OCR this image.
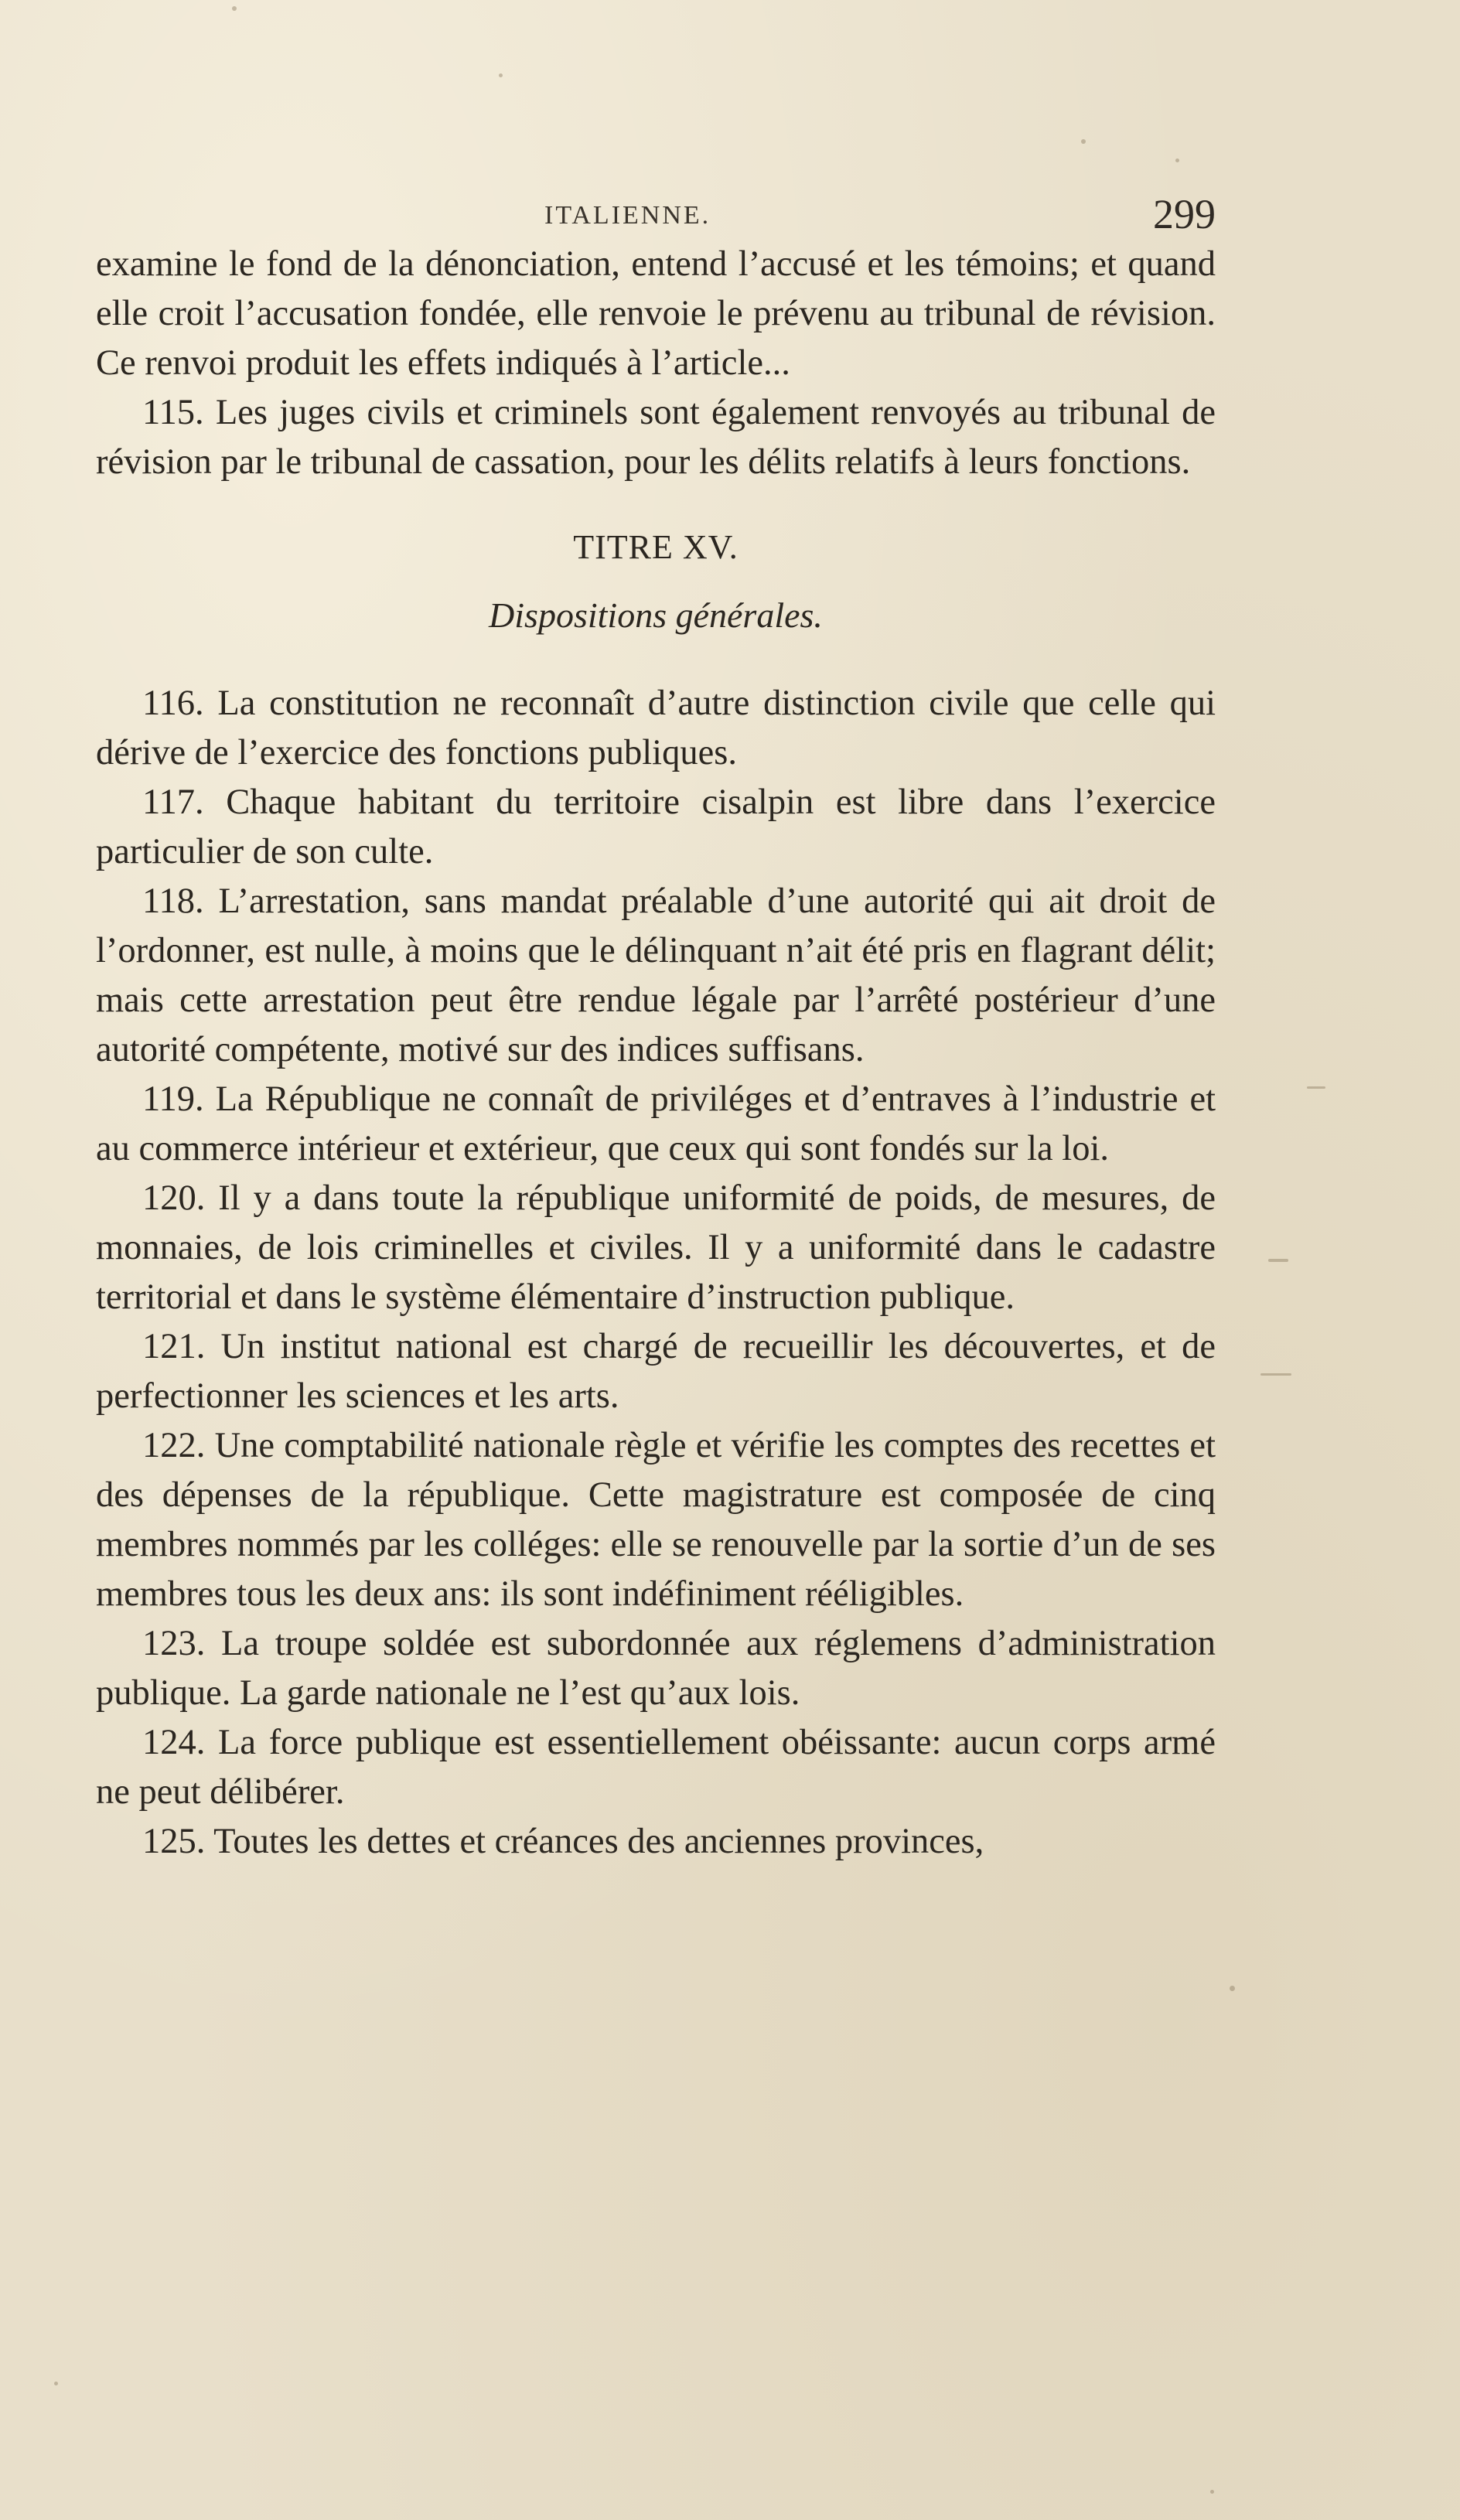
ITALIENNE.	299

examine le fond de la dénonciation, entend l’accusé et les témoins; et quand elle croit l’accusation fondée, elle renvoie le prévenu au tribunal de révision. Ce renvoi produit les effets indiqués à l’article...

115. Les juges civils et criminels sont également renvoyés au tribunal de révision par le tribunal de cassation, pour les délits relatifs à leurs fonctions.

TITRE XV.

Dispositions générales.

116. La constitution ne reconnaît d’autre distinction civile que celle qui dérive de l’exercice des fonctions publiques.

117. Chaque habitant du territoire cisalpin est libre dans l’exercice particulier de son culte.

118. L’arrestation, sans mandat préalable d’une autorité qui ait droit de l’ordonner, est nulle, à moins que le délinquant n’ait été pris en flagrant délit; mais cette arrestation peut être rendue légale par l’arrêté postérieur d’une autorité compétente, motivé sur des indices suffisans.

119. La République ne connaît de priviléges et d’entraves à l’industrie et au commerce intérieur et extérieur, que ceux qui sont fondés sur la loi.

120. Il y a dans toute la république uniformité de poids, de mesures, de monnaies, de lois criminelles et civiles. Il y a uniformité dans le cadastre territorial et dans le système élémentaire d’instruction publique.

121. Un institut national est chargé de recueillir les découvertes, et de perfectionner les sciences et les arts.

122. Une comptabilité nationale règle et vérifie les comptes des recettes et des dépenses de la république. Cette magistrature est composée de cinq membres nommés par les colléges: elle se renouvelle par la sortie d’un de ses membres tous les deux ans: ils sont indéfiniment rééligibles.

123. La troupe soldée est subordonnée aux réglemens d’administration publique. La garde nationale ne l’est qu’aux lois.

124. La force publique est essentiellement obéissante: aucun corps armé ne peut délibérer.

125. Toutes les dettes et créances des anciennes provinces,
